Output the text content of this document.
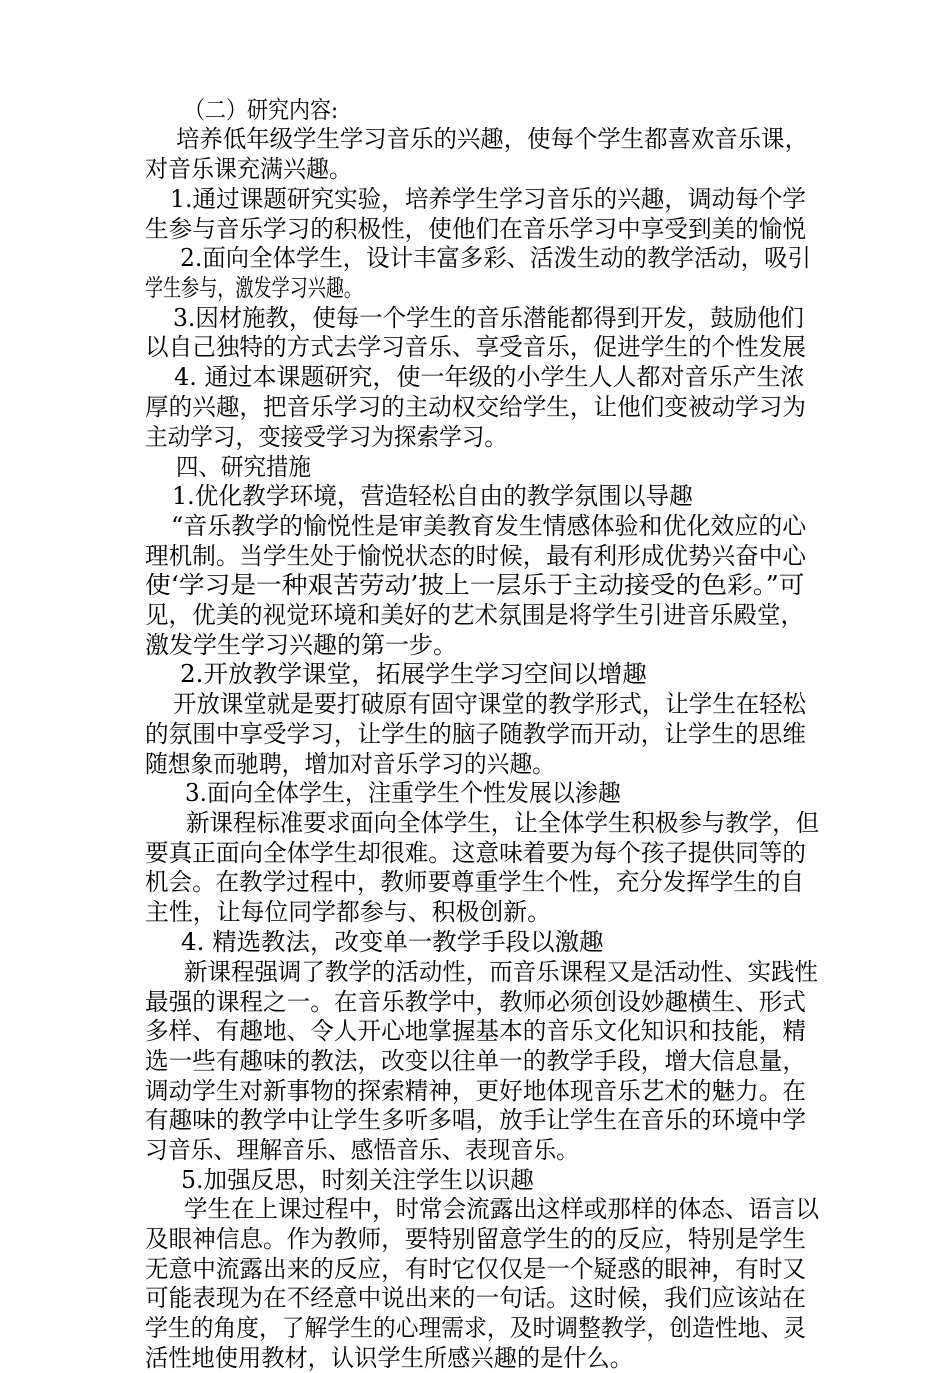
（二）研究内容:
培养低年级学生学习音乐的兴趣，使每个学生都喜欢音乐课，
对音乐课充满兴趣。
1.通过课题研究实验，培养学生学习音乐的兴趣，调动每个学
生参与音乐学习的积极性，使他们在音乐学习中享受到美的愉悦
2.面向全体学生，设计丰富多彩、活泼生动的教学活动，吸引
学生参与，激发学习兴趣。
3.因材施教，使每一个学生的音乐潜能都得到开发，鼓励他们
以自己独特的方式去学习音乐、享受音乐，促进学生的个性发展
4. 通过本课题研究，使一年级的小学生人人都对音乐产生浓
厚的兴趣，把音乐学习的主动权交给学生，让他们变被动学习为
主动学习，变接受学习为探索学习。
四、研究措施
1.优化教学环境，营造轻松自由的教学氛围以导趣
“音乐教学的愉悦性是审美教育发生情感体验和优化效应的心
理机制。当学生处于愉悦状态的时候，最有利形成优势兴奋中心
使‘学习是一种艰苦劳动’披上一层乐于主动接受的色彩。”可
见，优美的视觉环境和美好的艺术氛围是将学生引进音乐殿堂，
激发学生学习兴趣的第一步。
2.开放教学课堂，拓展学生学习空间以增趣
开放课堂就是要打破原有固守课堂的教学形式，让学生在轻松
的氛围中享受学习，让学生的脑子随教学而开动，让学生的思维
随想象而驰聘，增加对音乐学习的兴趣。
3.面向全体学生，注重学生个性发展以渗趣
新课程标准要求面向全体学生，让全体学生积极参与教学，但
要真正面向全体学生却很难。这意味着要为每个孩子提供同等的
机会。在教学过程中，教师要尊重学生个性，充分发挥学生的自
主性，让每位同学都参与、积极创新。
4. 精选教法，改变单一教学手段以激趣
新课程强调了教学的活动性，而音乐课程又是活动性、实践性
最强的课程之一。在音乐教学中，教师必须创设妙趣横生、形式
多样、有趣地、令人开心地掌握基本的音乐文化知识和技能，精
选一些有趣味的教法，改变以往单一的教学手段，增大信息量，
调动学生对新事物的探索精神，更好地体现音乐艺术的魅力。在
有趣味的教学中让学生多听多唱，放手让学生在音乐的环境中学
习音乐、理解音乐、感悟音乐、表现音乐。
5.加强反思，时刻关注学生以识趣
学生在上课过程中，时常会流露出这样或那样的体态、语言以
及眼神信息。作为教师，要特别留意学生的的反应，特别是学生
无意中流露出来的反应，有时它仅仅是一个疑惑的眼神，有时又
可能表现为在不经意中说出来的一句话。这时候，我们应该站在
学生的角度，了解学生的心理需求，及时调整教学，创造性地、灵
活性地使用教材，认识学生所感兴趣的是什么。
